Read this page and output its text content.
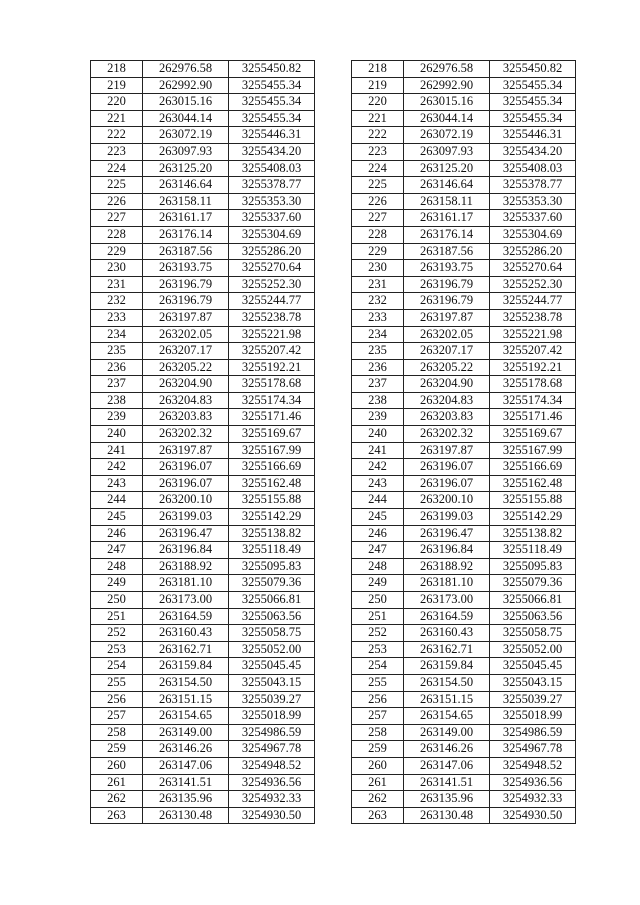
218	262976.58	3255450.82
219	262992.90	3255455.34
220	263015.16	3255455.34
221	263044.14	3255455.34
222	263072.19	3255446.31
223	263097.93	3255434.20
224	263125.20	3255408.03
225	263146.64	3255378.77
226	263158.11	3255353.30
227	263161.17	3255337.60
228	263176.14	3255304.69
229	263187.56	3255286.20
230	263193.75	3255270.64
231	263196.79	3255252.30
232	263196.79	3255244.77
233	263197.87	3255238.78
234	263202.05	3255221.98
235	263207.17	3255207.42
236	263205.22	3255192.21
237	263204.90	3255178.68
238	263204.83	3255174.34
239	263203.83	3255171.46
240	263202.32	3255169.67
241	263197.87	3255167.99
242	263196.07	3255166.69
243	263196.07	3255162.48
244	263200.10	3255155.88
245	263199.03	3255142.29
246	263196.47	3255138.82
247	263196.84	3255118.49
248	263188.92	3255095.83
249	263181.10	3255079.36
250	263173.00	3255066.81
251	263164.59	3255063.56
252	263160.43	3255058.75
253	263162.71	3255052.00
254	263159.84	3255045.45
255	263154.50	3255043.15
256	263151.15	3255039.27
257	263154.65	3255018.99
258	263149.00	3254986.59
259	263146.26	3254967.78
260	263147.06	3254948.52
261	263141.51	3254936.56
262	263135.96	3254932.33
263	263130.48	3254930.50
218	262976.58	3255450.82
219	262992.90	3255455.34
220	263015.16	3255455.34
221	263044.14	3255455.34
222	263072.19	3255446.31
223	263097.93	3255434.20
224	263125.20	3255408.03
225	263146.64	3255378.77
226	263158.11	3255353.30
227	263161.17	3255337.60
228	263176.14	3255304.69
229	263187.56	3255286.20
230	263193.75	3255270.64
231	263196.79	3255252.30
232	263196.79	3255244.77
233	263197.87	3255238.78
234	263202.05	3255221.98
235	263207.17	3255207.42
236	263205.22	3255192.21
237	263204.90	3255178.68
238	263204.83	3255174.34
239	263203.83	3255171.46
240	263202.32	3255169.67
241	263197.87	3255167.99
242	263196.07	3255166.69
243	263196.07	3255162.48
244	263200.10	3255155.88
245	263199.03	3255142.29
246	263196.47	3255138.82
247	263196.84	3255118.49
248	263188.92	3255095.83
249	263181.10	3255079.36
250	263173.00	3255066.81
251	263164.59	3255063.56
252	263160.43	3255058.75
253	263162.71	3255052.00
254	263159.84	3255045.45
255	263154.50	3255043.15
256	263151.15	3255039.27
257	263154.65	3255018.99
258	263149.00	3254986.59
259	263146.26	3254967.78
260	263147.06	3254948.52
261	263141.51	3254936.56
262	263135.96	3254932.33
263	263130.48	3254930.50
